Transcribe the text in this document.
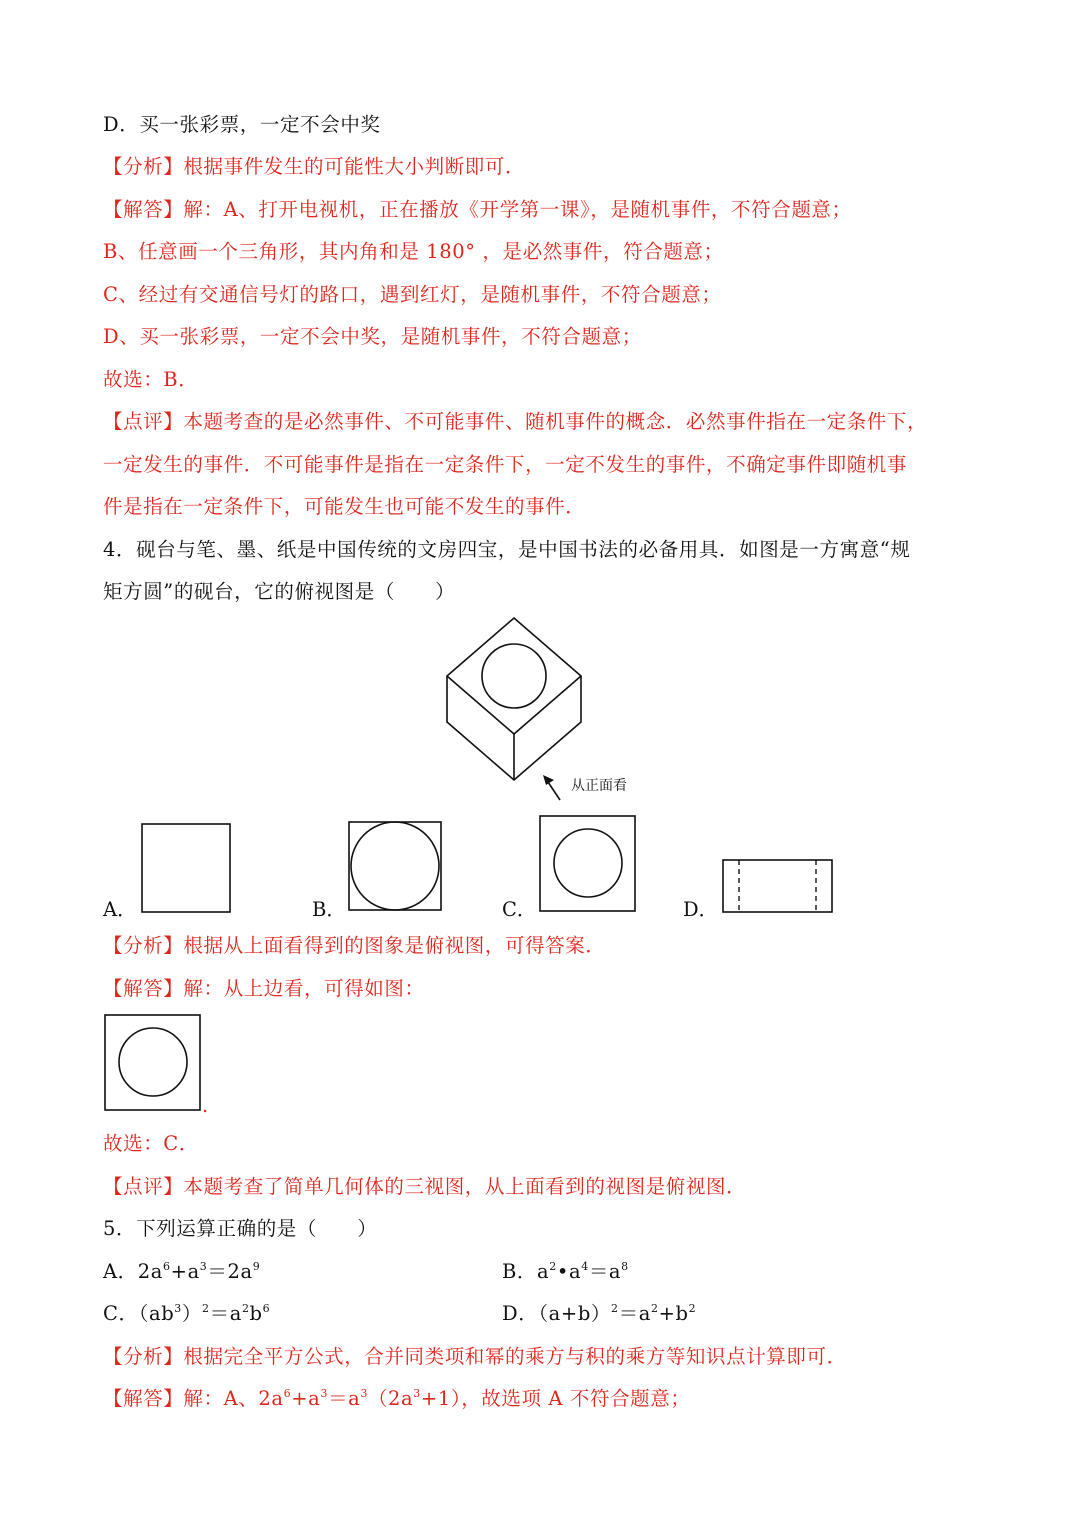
D．买一张彩票，一定不会中奖
【分析】根据事件发生的可能性大小判断即可．
【解答】解：A、打开电视机，正在播放《开学第一课》，是随机事件，不符合题意；
B、任意画一个三角形，其内角和是 180° ，是必然事件，符合题意；
C、经过有交通信号灯的路口，遇到红灯，是随机事件，不符合题意；
D、买一张彩票，一定不会中奖，是随机事件，不符合题意；
故选：B．
【点评】本题考查的是必然事件、不可能事件、随机事件的概念．必然事件指在一定条件下，
一定发生的事件．不可能事件是指在一定条件下，一定不发生的事件，不确定事件即随机事
件是指在一定条件下，可能发生也可能不发生的事件．
4．砚台与笔、墨、纸是中国传统的文房四宝，是中国书法的必备用具．如图是一方寓意“规
矩方圆”的砚台，它的俯视图是（　　）
从正面看
A．	B．	C．	D．
【分析】根据从上面看得到的图象是俯视图，可得答案．
【解答】解：从上边看，可得如图：
.
故选：C．
【点评】本题考查了简单几何体的三视图，从上面看到的视图是俯视图．
5．下列运算正确的是（　　）
A．$2a^6+a^3=2a^9$	B．$a^2•a^4=a^8$
C．$(ab^3)^2=a^2b^6$	D．$(a+b)^2=a^2+b^2$
【分析】根据完全平方公式，合并同类项和幂的乘方与积的乘方等知识点计算即可．
【解答】解：A、$2a^6+a^3=a^3(2a^3+1)$，故选项 A 不符合题意；
